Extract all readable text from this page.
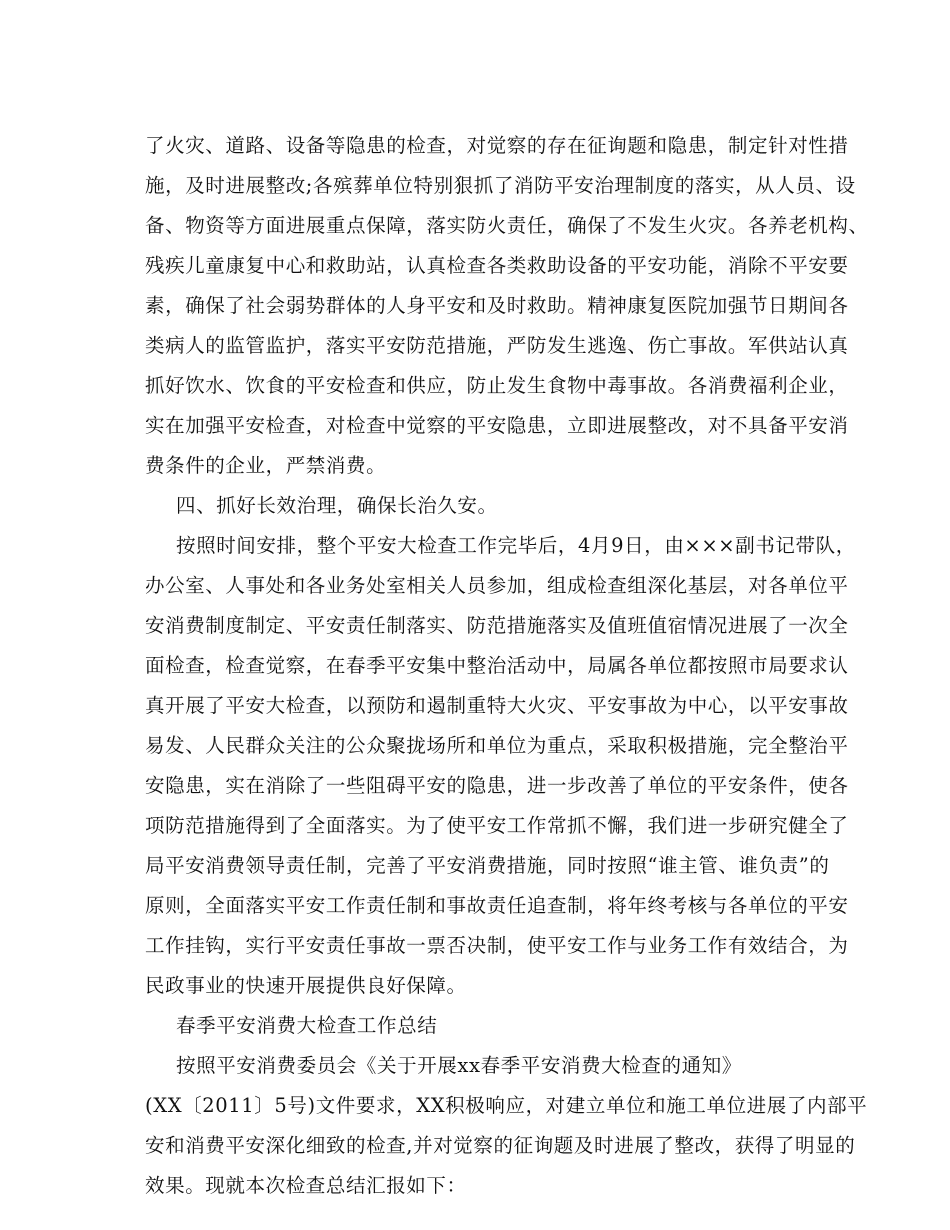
了火灾、道路、设备等隐患的检查，对觉察的存在征询题和隐患，制定针对性措
施，及时进展整改;各殡葬单位特别狠抓了消防平安治理制度的落实，从人员、设
备、物资等方面进展重点保障，落实防火责任，确保了不发生火灾。各养老机构、
残疾儿童康复中心和救助站，认真检查各类救助设备的平安功能，消除不平安要
素，确保了社会弱势群体的人身平安和及时救助。精神康复医院加强节日期间各
类病人的监管监护，落实平安防范措施，严防发生逃逸、伤亡事故。军供站认真
抓好饮水、饮食的平安检查和供应，防止发生食物中毒事故。各消费福利企业，
实在加强平安检查，对检查中觉察的平安隐患，立即进展整改，对不具备平安消
费条件的企业，严禁消费。
四、抓好长效治理，确保长治久安。
按照时间安排，整个平安大检查工作完毕后，4月9日，由×××副书记带队，
办公室、人事处和各业务处室相关人员参加，组成检查组深化基层，对各单位平
安消费制度制定、平安责任制落实、防范措施落实及值班值宿情况进展了一次全
面检查，检查觉察，在春季平安集中整治活动中，局属各单位都按照市局要求认
真开展了平安大检查，以预防和遏制重特大火灾、平安事故为中心，以平安事故
易发、人民群众关注的公众聚拢场所和单位为重点，采取积极措施，完全整治平
安隐患，实在消除了一些阻碍平安的隐患，进一步改善了单位的平安条件，使各
项防范措施得到了全面落实。为了使平安工作常抓不懈，我们进一步研究健全了
局平安消费领导责任制，完善了平安消费措施，同时按照“谁主管、谁负责”的
原则，全面落实平安工作责任制和事故责任追查制，将年终考核与各单位的平安
工作挂钩，实行平安责任事故一票否决制，使平安工作与业务工作有效结合，为
民政事业的快速开展提供良好保障。
春季平安消费大检查工作总结
按照平安消费委员会《关于开展xx春季平安消费大检查的通知》
(XX〔2011〕5号)文件要求，XX积极响应，对建立单位和施工单位进展了内部平
安和消费平安深化细致的检查,并对觉察的征询题及时进展了整改，获得了明显的
效果。现就本次检查总结汇报如下：
